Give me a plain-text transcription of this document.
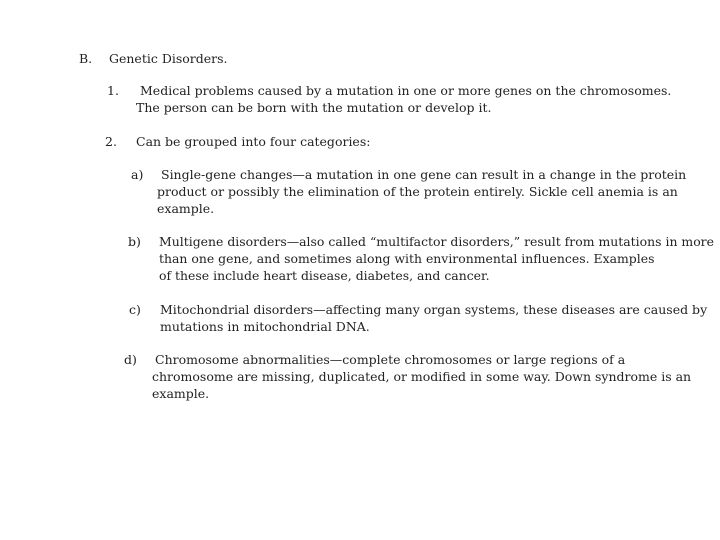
B. Genetic Disorders.
1.	Medical problems caused by a mutation in one or more genes on the chromosomes.
The person can be born with the mutation or develop it.
2. Can be grouped into four categories:
a)	Single-gene changes—a mutation in one gene can result in a change in the protein
product or possibly the elimination of the protein entirely. Sickle cell anemia is an
example.
b) Multigene disorders—also called “multifactor disorders,” result from mutations in more
than one gene, and sometimes along with environmental influences. Examples
of these include heart disease, diabetes, and cancer.
c) Mitochondrial disorders—affecting many organ systems, these diseases are caused by
mutations in mitochondrial DNA.
d) Chromosome abnormalities—complete chromosomes or large regions of a
chromosome are missing, duplicated, or modified in some way. Down syndrome is an
example.
